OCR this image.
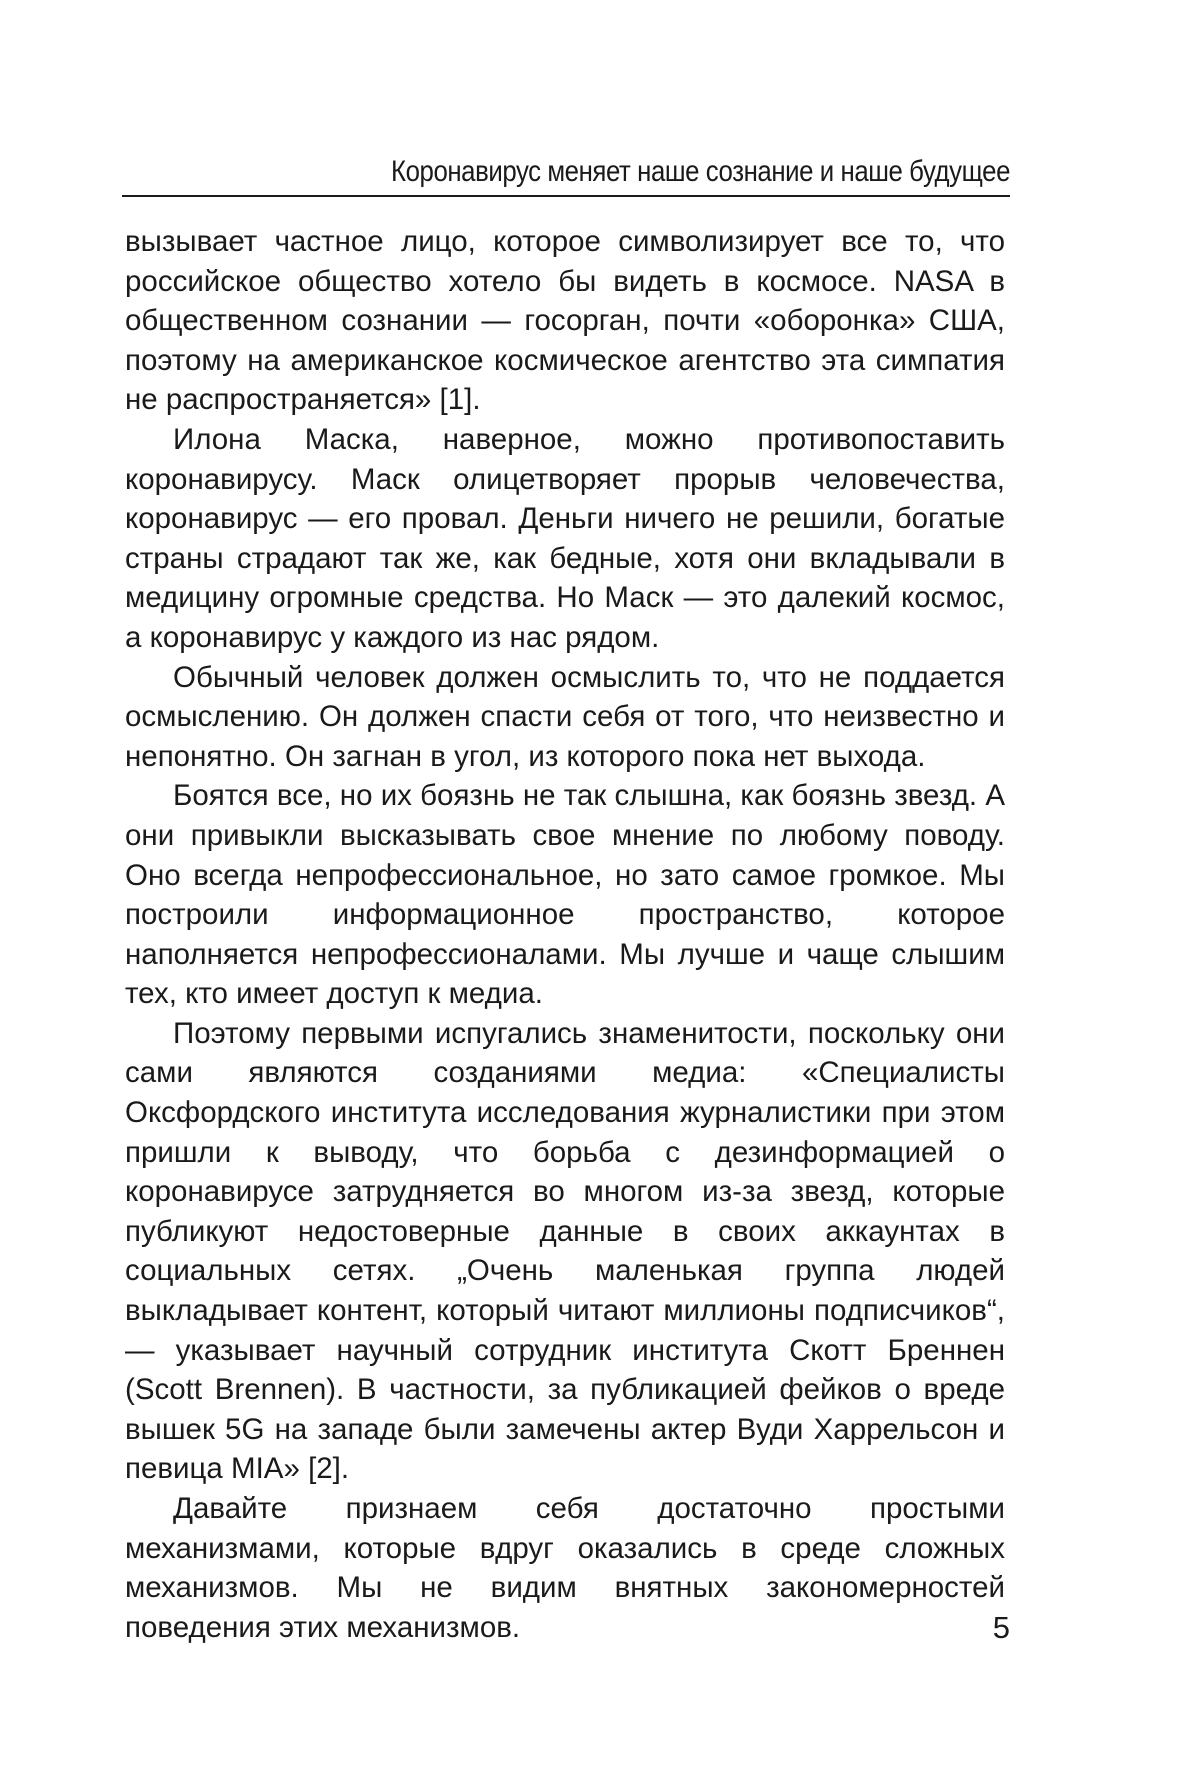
Коронавирус меняет наше сознание и наше будущее

вызывает частное лицо, которое символизирует все то, что российское общество хотело бы видеть в космосе. NASA в общественном сознании — госорган, почти «оборонка» США, поэтому на американское космическое агентство эта симпатия не распространяется» [1].

Илона Маска, наверное, можно противопоставить коронавирусу. Маск олицетворяет прорыв человечества, коронавирус — его провал. Деньги ничего не решили, богатые страны страдают так же, как бедные, хотя они вкладывали в медицину огромные средства. Но Маск — это далекий космос, а коронавирус у каждого из нас рядом.

Обычный человек должен осмыслить то, что не поддается осмыслению. Он должен спасти себя от того, что неизвестно и непонятно. Он загнан в угол, из которого пока нет выхода.

Боятся все, но их боязнь не так слышна, как боязнь звезд. А они привыкли высказывать свое мнение по любому поводу. Оно всегда непрофессиональное, но зато самое громкое. Мы построили информационное пространство, которое наполняется непрофессионалами. Мы лучше и чаще слышим тех, кто имеет доступ к медиа.

Поэтому первыми испугались знаменитости, поскольку они сами являются созданиями медиа: «Специалисты Оксфордского института исследования журналистики при этом пришли к выводу, что борьба с дезинформацией о коронавирусе затрудняется во многом из-за звезд, которые публикуют недостоверные данные в своих аккаунтах в социальных сетях. „Очень маленькая группа людей выкладывает контент, который читают миллионы подписчиков“, — указывает научный сотрудник института Скотт Бреннен (Scott Brennen). В частности, за публикацией фейков о вреде вышек 5G на западе были замечены актер Вуди Харрельсон и певица MIA» [2].

Давайте признаем себя достаточно простыми механизмами, которые вдруг оказались в среде сложных механизмов. Мы не видим внятных закономерностей поведения этих механизмов.	5
